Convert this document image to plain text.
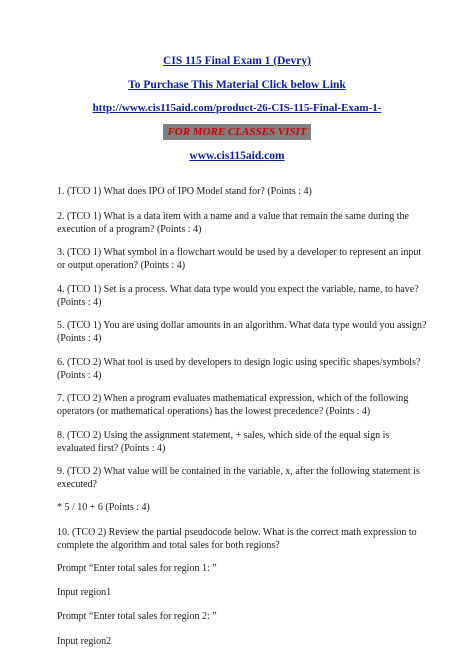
CIS 115 Final Exam 1 (Devry)
To Purchase This Material Click below Link
http://www.cis115aid.com/product-26-CIS-115-Final-Exam-1-
FOR MORE CLASSES VISIT
www.cis115aid.com

1. (TCO 1) What does IPO of IPO Model stand for? (Points : 4)

2. (TCO 1) What is a data item with a name and a value that remain the same during the execution of a program? (Points : 4)

3. (TCO 1) What symbol in a flowchart would be used by a developer to represent an input or output operation? (Points : 4)

4. (TCO 1) Set is a process. What data type would you expect the variable, name, to have? (Points : 4)

5. (TCO 1) You are using dollar amounts in an algorithm. What data type would you assign? (Points : 4)

6. (TCO 2) What tool is used by developers to design logic using specific shapes/symbols? (Points : 4)

7. (TCO 2) When a program evaluates mathematical expression, which of the following operators (or mathematical operations) has the lowest precedence? (Points : 4)

8. (TCO 2) Using the assignment statement, + sales, which side of the equal sign is evaluated first? (Points : 4)

9. (TCO 2) What value will be contained in the variable, x, after the following statement is executed?

* 5 / 10 + 6 (Points : 4)

10. (TCO 2) Review the partial pseudocode below. What is the correct math expression to complete the algorithm and total sales for both regions?

Prompt “Enter total sales for region 1: ”

Input region1

Prompt “Enter total sales for region 2: ”

Input region2
